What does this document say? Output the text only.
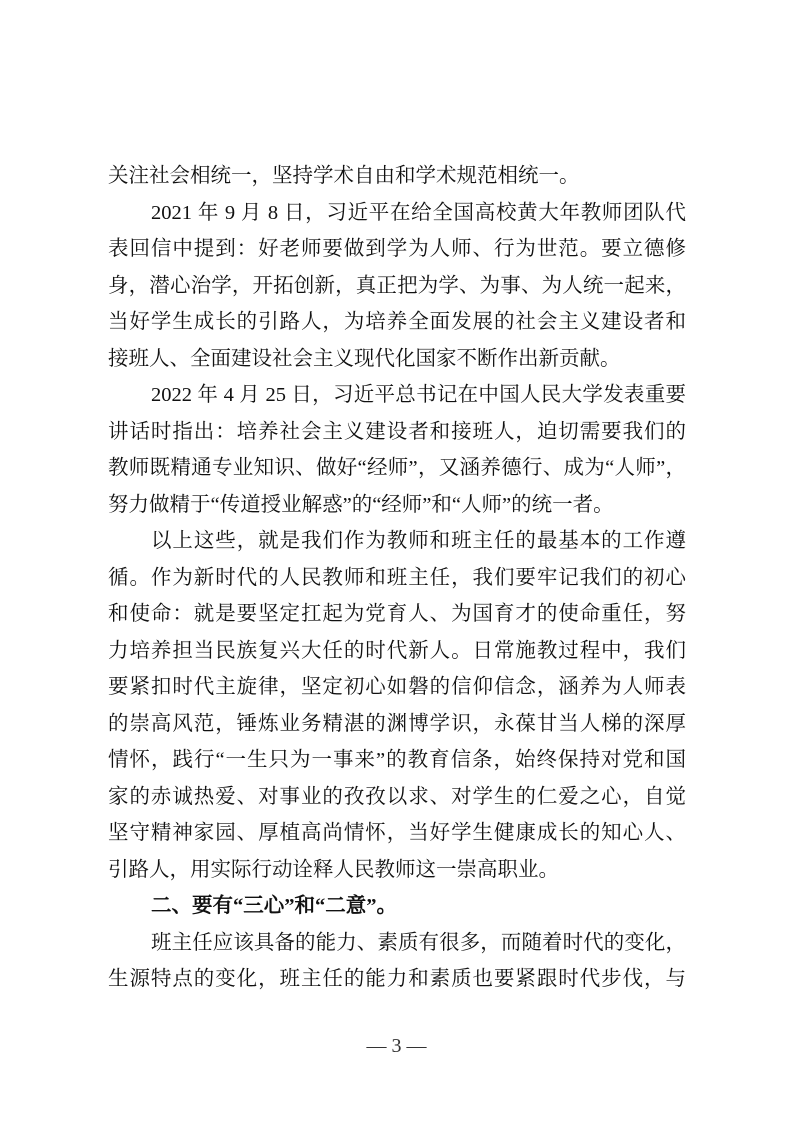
关注社会相统一，坚持学术自由和学术规范相统一。
2021 年 9 月 8 日，习近平在给全国高校黄大年教师团队代
表回信中提到：好老师要做到学为人师、行为世范。要立德修
身，潜心治学，开拓创新，真正把为学、为事、为人统一起来，
当好学生成长的引路人，为培养全面发展的社会主义建设者和
接班人、全面建设社会主义现代化国家不断作出新贡献。
2022 年 4 月 25 日，习近平总书记在中国人民大学发表重要
讲话时指出：培养社会主义建设者和接班人，迫切需要我们的
教师既精通专业知识、做好“经师”，又涵养德行、成为“人师”，
努力做精于“传道授业解惑”的“经师”和“人师”的统一者。
以上这些，就是我们作为教师和班主任的最基本的工作遵
循。作为新时代的人民教师和班主任，我们要牢记我们的初心
和使命：就是要坚定扛起为党育人、为国育才的使命重任，努
力培养担当民族复兴大任的时代新人。日常施教过程中，我们
要紧扣时代主旋律，坚定初心如磐的信仰信念，涵养为人师表
的崇高风范，锤炼业务精湛的渊博学识，永葆甘当人梯的深厚
情怀，践行“一生只为一事来”的教育信条，始终保持对党和国
家的赤诚热爱、对事业的孜孜以求、对学生的仁爱之心，自觉
坚守精神家园、厚植高尚情怀，当好学生健康成长的知心人、
引路人，用实际行动诠释人民教师这一崇高职业。
二、要有“三心”和“二意”。
班主任应该具备的能力、素质有很多，而随着时代的变化，
生源特点的变化，班主任的能力和素质也要紧跟时代步伐，与
— 3 —
